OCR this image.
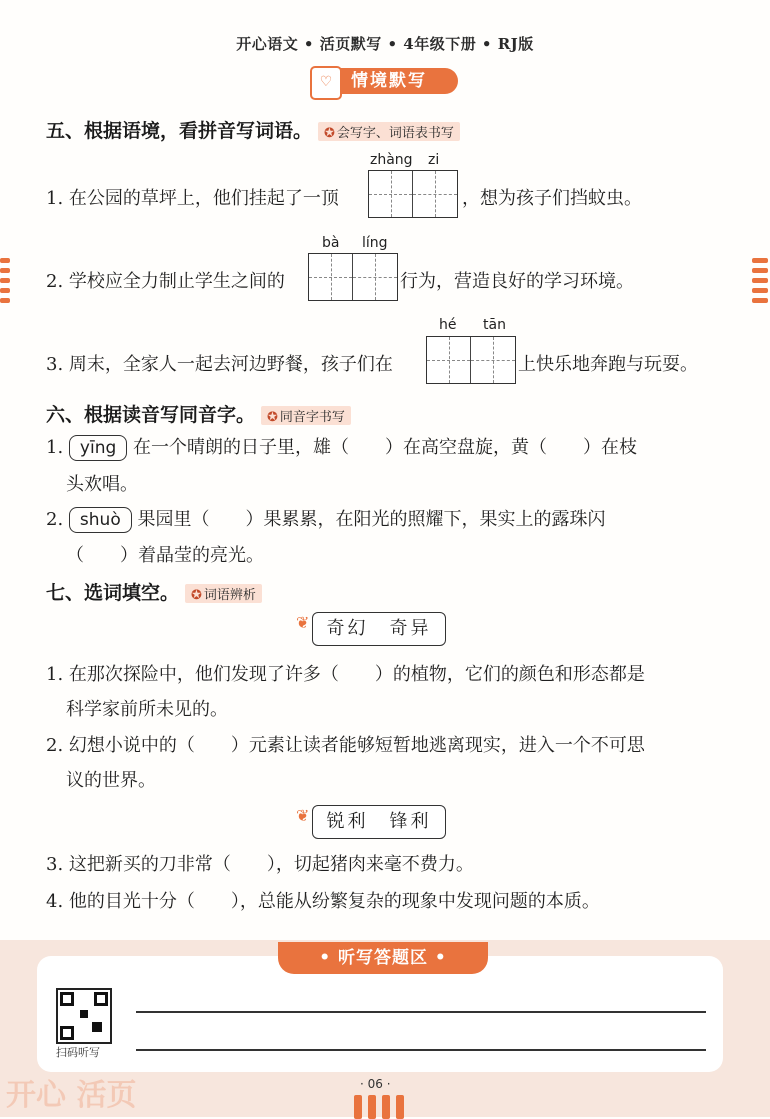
开心语文 • 活页默写 • 4年级下册 • RJ版
情境默写
♡
五、根据语境，看拼音写词语。 ✪ 会写字、词语表书写
1. 在公园的草坪上，他们挂起了一顶
zhàng zi
，想为孩子们挡蚊虫。
2. 学校应全力制止学生之间的
bà líng
行为，营造良好的学习环境。
3. 周末，全家人一起去河边野餐，孩子们在
hé tān
上快乐地奔跑与玩耍。
六、根据读音写同音字。 ✪ 同音字书写
1. yīng 在一个晴朗的日子里，雄（　　）在高空盘旋，黄（　　）在枝
头欢唱。
2. shuò 果园里（　　）果累累，在阳光的照耀下，果实上的露珠闪
（　　）着晶莹的亮光。
七、选词填空。 ✪ 词语辨析
❦ 奇幻　奇异
1. 在那次探险中，他们发现了许多（　　）的植物，它们的颜色和形态都是
科学家前所未见的。
2. 幻想小说中的（　　）元素让读者能够短暂地逃离现实，进入一个不可思
议的世界。
❦ 锐利　锋利
3. 这把新买的刀非常（　　），切起猪肉来毫不费力。
4. 他的目光十分（　　），总能从纷繁复杂的现象中发现问题的本质。
• 听写答题区 •
扫码听写
开心 活页	· 06 ·
